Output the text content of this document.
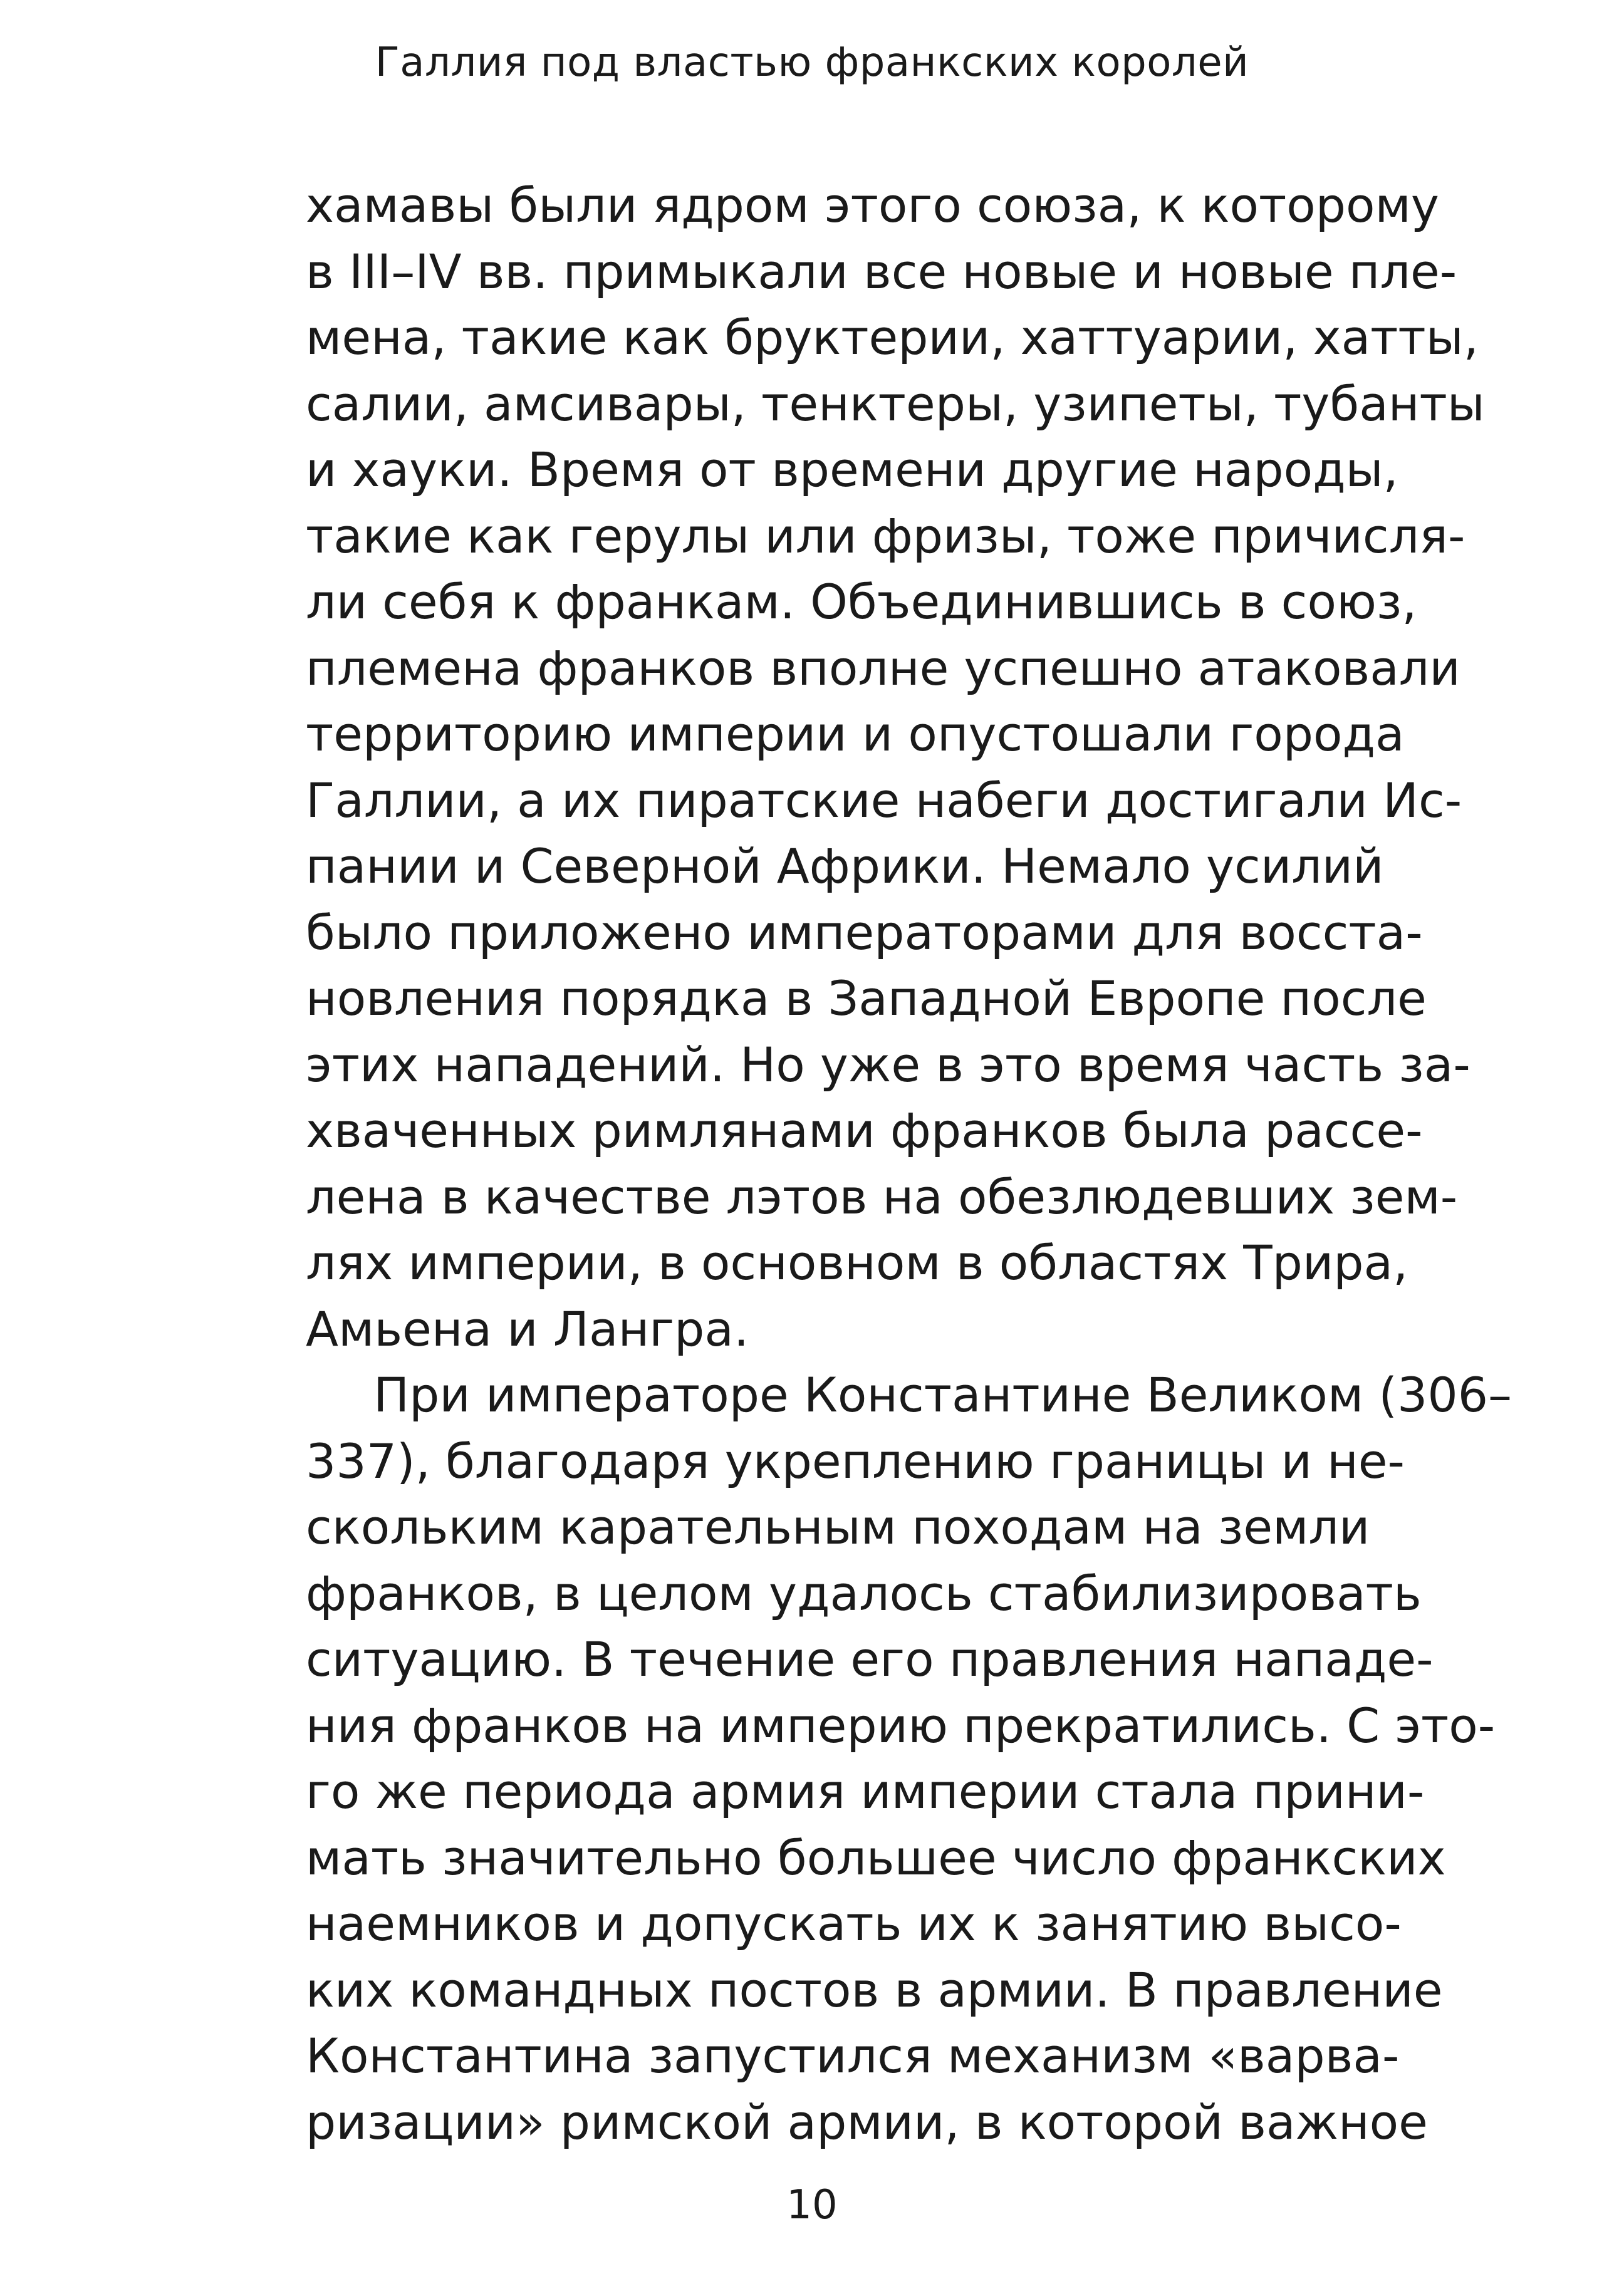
Галлия под властью франкских королей
хамавы были ядром этого союза, к которому
в III–IV вв. примыкали все новые и новые пле-
мена, такие как бруктерии, хаттуарии, хатты,
салии, амсивары, тенктеры, узипеты, тубанты
и хауки. Время от времени другие народы,
такие как герулы или фризы, тоже причисля-
ли себя к франкам. Объединившись в союз,
племена франков вполне успешно атаковали
территорию империи и опустошали города
Галлии, а их пиратские набеги достигали Ис-
пании и Северной Африки. Немало усилий
было приложено императорами для восста-
новления порядка в Западной Европе после
этих нападений. Но уже в это время часть за-
хваченных римлянами франков была рассе-
лена в качестве лэтов на обезлюдевших зем-
лях империи, в основном в областях Трира,
Амьена и Лангра.
При императоре Константине Великом (306–
337), благодаря укреплению границы и не-
скольким карательным походам на земли
франков, в целом удалось стабилизировать
ситуацию. В течение его правления нападе-
ния франков на империю прекратились. С это-
го же периода армия империи стала прини-
мать значительно большее число франкских
наемников и допускать их к занятию высо-
ких командных постов в армии. В правление
Константина запустился механизм «варва-
ризации» римской армии, в которой важное
10
